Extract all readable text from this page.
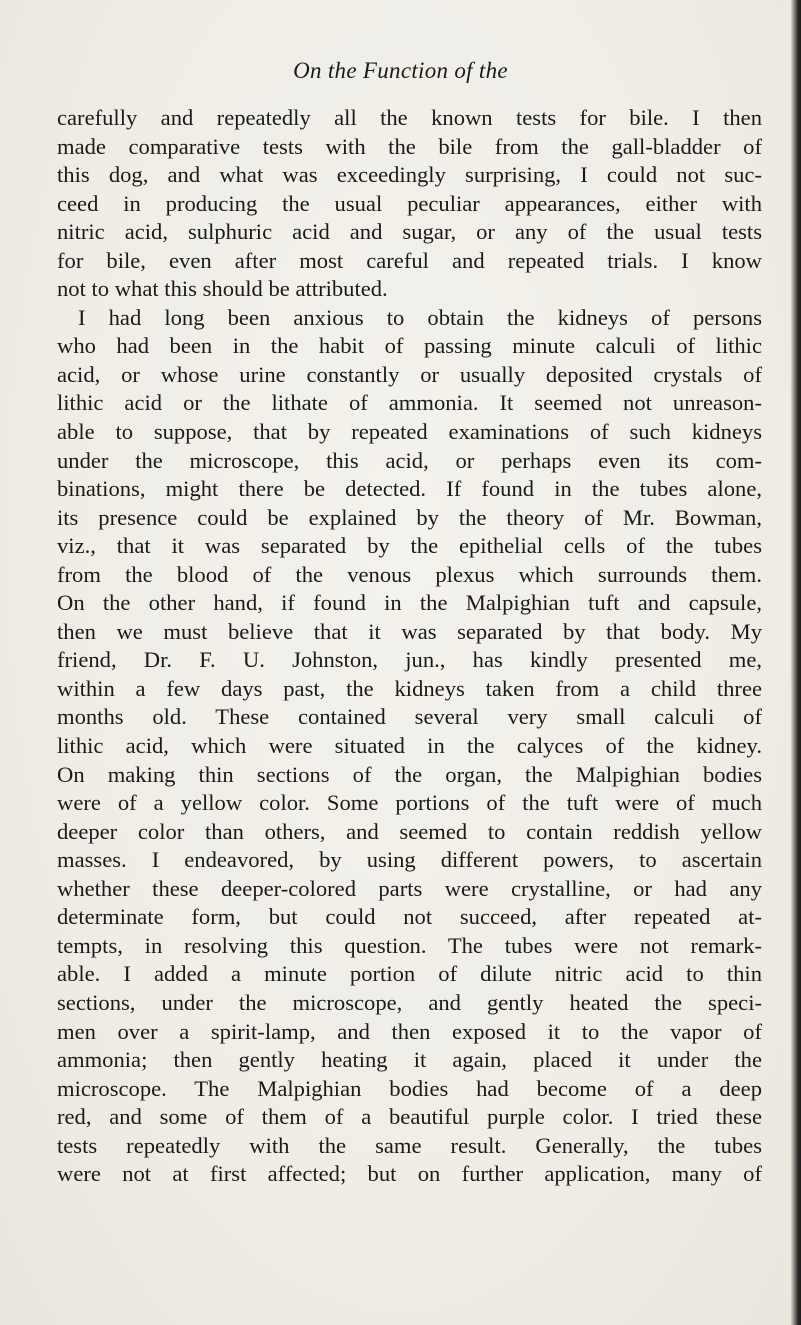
On the Function of the
carefully and repeatedly all the known tests for bile. I then
made comparative tests with the bile from the gall-bladder of
this dog, and what was exceedingly surprising, I could not suc-
ceed in producing the usual peculiar appearances, either with
nitric acid, sulphuric acid and sugar, or any of the usual tests
for bile, even after most careful and repeated trials. I know
not to what this should be attributed.
I had long been anxious to obtain the kidneys of persons
who had been in the habit of passing minute calculi of lithic
acid, or whose urine constantly or usually deposited crystals of
lithic acid or the lithate of ammonia. It seemed not unreason-
able to suppose, that by repeated examinations of such kidneys
under the microscope, this acid, or perhaps even its com-
binations, might there be detected. If found in the tubes alone,
its presence could be explained by the theory of Mr. Bowman,
viz., that it was separated by the epithelial cells of the tubes
from the blood of the venous plexus which surrounds them.
On the other hand, if found in the Malpighian tuft and capsule,
then we must believe that it was separated by that body. My
friend, Dr. F. U. Johnston, jun., has kindly presented me,
within a few days past, the kidneys taken from a child three
months old. These contained several very small calculi of
lithic acid, which were situated in the calyces of the kidney.
On making thin sections of the organ, the Malpighian bodies
were of a yellow color. Some portions of the tuft were of much
deeper color than others, and seemed to contain reddish yellow
masses. I endeavored, by using different powers, to ascertain
whether these deeper-colored parts were crystalline, or had any
determinate form, but could not succeed, after repeated at-
tempts, in resolving this question. The tubes were not remark-
able. I added a minute portion of dilute nitric acid to thin
sections, under the microscope, and gently heated the speci-
men over a spirit-lamp, and then exposed it to the vapor of
ammonia; then gently heating it again, placed it under the
microscope. The Malpighian bodies had become of a deep
red, and some of them of a beautiful purple color. I tried these
tests repeatedly with the same result. Generally, the tubes
were not at first affected; but on further application, many of
